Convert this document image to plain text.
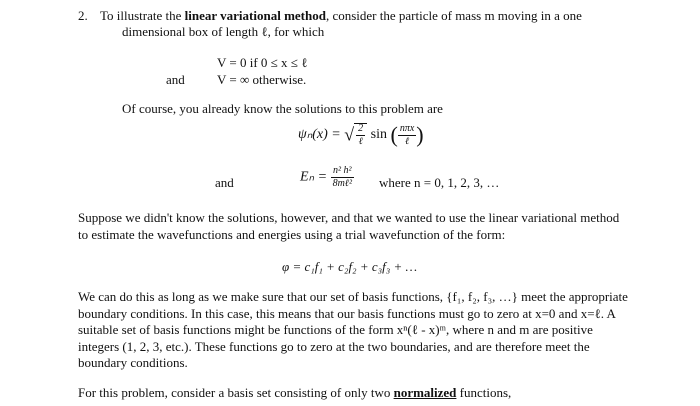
2. To illustrate the linear variational method, consider the particle of mass m moving in a one
dimensional box of length ℓ, for which
V = 0 if 0 ≤ x ≤ ℓ
and V = ∞ otherwise.
Of course, you already know the solutions to this problem are
ψₙ(x) = √ $\frac{2}{\text{ℓ}}$ sin ( $\frac{\text{nπx}}{\text{ℓ}}$ )
and	$E_n = \frac{\text{n² h²}}{\text{8mℓ²}}$ where n = 0, 1, 2, 3, …
Suppose we didn't know the solutions, however, and that we wanted to use the linear variational method
to estimate the wavefunctions and energies using a trial wavefunction of the form:
φ = c₁f₁ + c₂f₂ + c₃f₃ + …
We can do this as long as we make sure that our set of basis functions, {f₁, f₂, f₃, …} meet the appropriate
boundary conditions. In this case, this means that our basis functions must go to zero at x=0 and x=ℓ. A
suitable set of basis functions might be functions of the form xⁿ(ℓ - x)ᵐ, where n and m are positive
integers (1, 2, 3, etc.). These functions go to zero at the two boundaries, and are therefore meet the
boundary conditions.
For this problem, consider a basis set consisting of only two normalized functions,
